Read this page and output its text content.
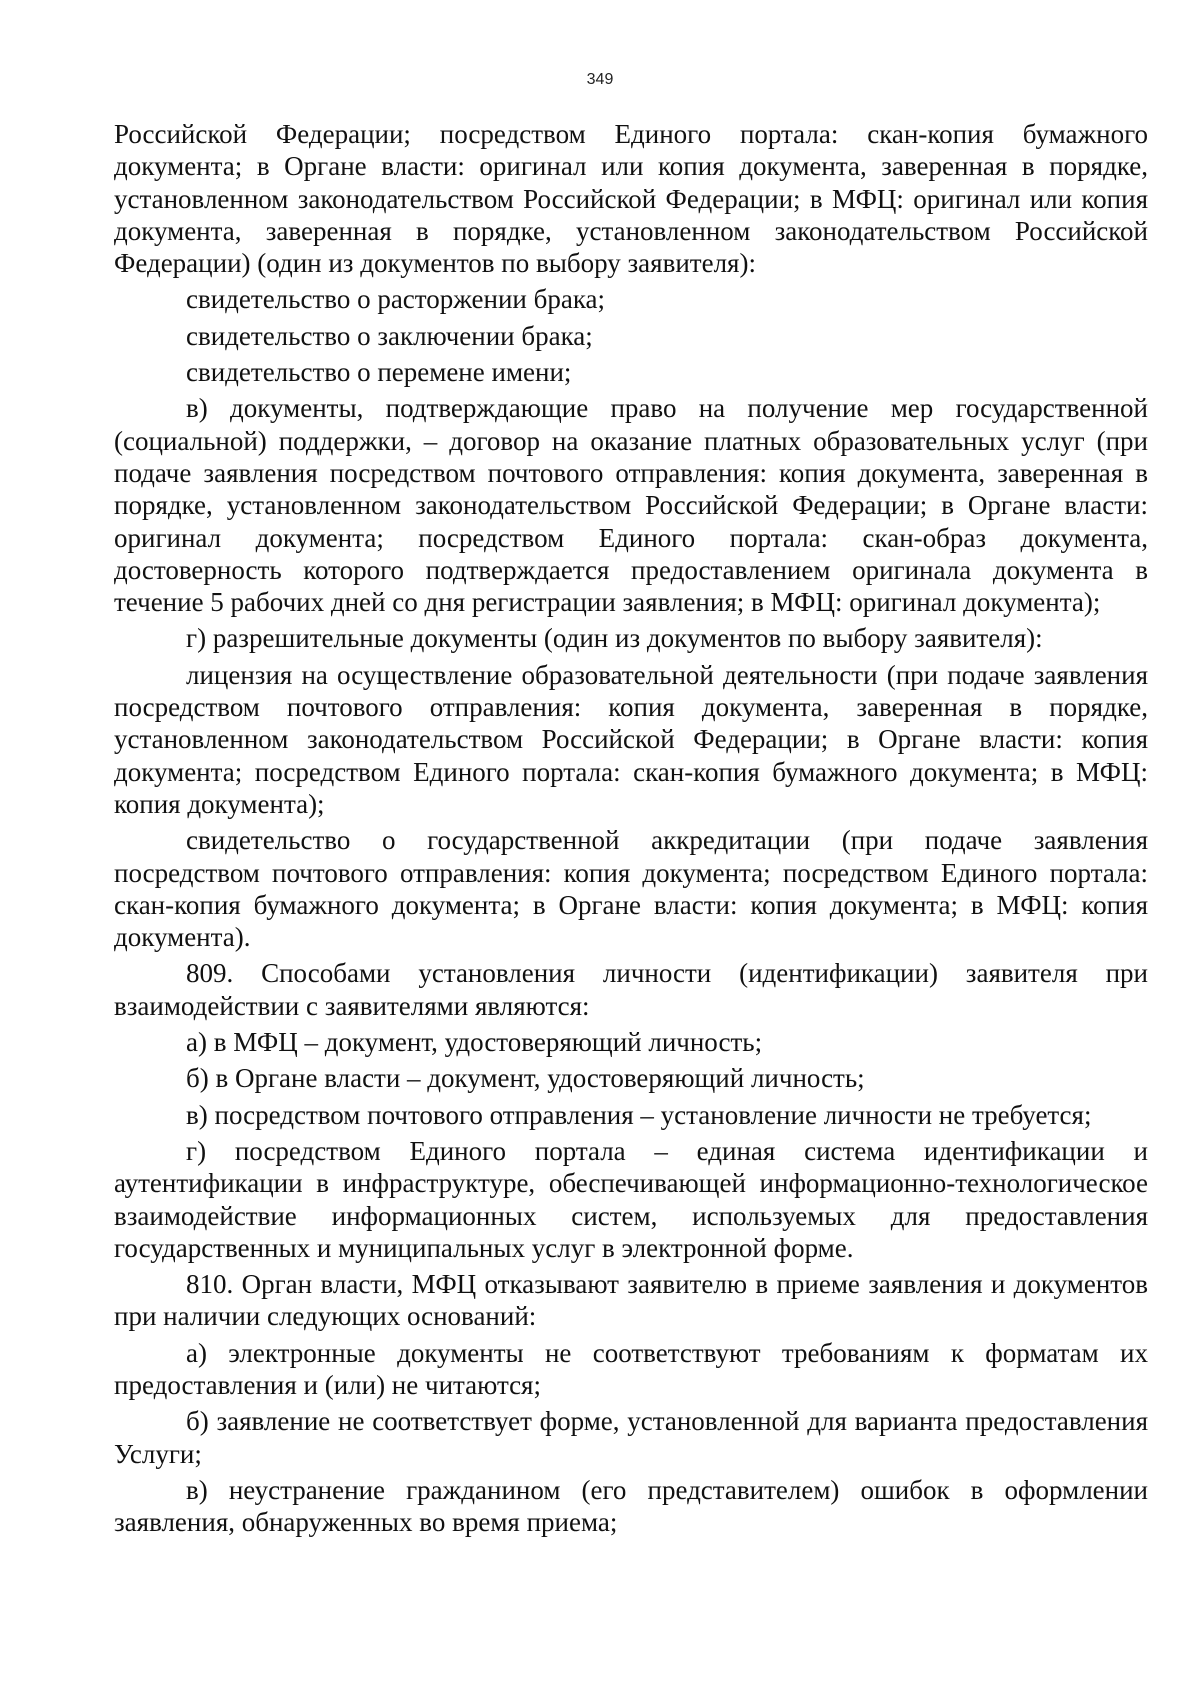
349

Российской Федерации; посредством Единого портала: скан-копия бумажного документа; в Органе власти: оригинал или копия документа, заверенная в порядке, установленном законодательством Российской Федерации; в МФЦ: оригинал или копия документа, заверенная в порядке, установленном законодательством Российской Федерации) (один из документов по выбору заявителя):

свидетельство о расторжении брака;

свидетельство о заключении брака;

свидетельство о перемене имени;

в) документы, подтверждающие право на получение мер государственной (социальной) поддержки, – договор на оказание платных образовательных услуг (при подаче заявления посредством почтового отправления: копия документа, заверенная в порядке, установленном законодательством Российской Федерации; в Органе власти: оригинал документа; посредством Единого портала: скан-образ документа, достоверность которого подтверждается предоставлением оригинала документа в течение 5 рабочих дней со дня регистрации заявления; в МФЦ: оригинал документа);

г) разрешительные документы (один из документов по выбору заявителя):

лицензия на осуществление образовательной деятельности (при подаче заявления посредством почтового отправления: копия документа, заверенная в порядке, установленном законодательством Российской Федерации; в Органе власти: копия документа; посредством Единого портала: скан-копия бумажного документа; в МФЦ: копия документа);

свидетельство о государственной аккредитации (при подаче заявления посредством почтового отправления: копия документа; посредством Единого портала: скан-копия бумажного документа; в Органе власти: копия документа; в МФЦ: копия документа).

809. Способами установления личности (идентификации) заявителя при взаимодействии с заявителями являются:

а) в МФЦ – документ, удостоверяющий личность;

б) в Органе власти – документ, удостоверяющий личность;

в) посредством почтового отправления – установление личности не требуется;

г) посредством Единого портала – единая система идентификации и аутентификации в инфраструктуре, обеспечивающей информационно-технологическое взаимодействие информационных систем, используемых для предоставления государственных и муниципальных услуг в электронной форме.

810. Орган власти, МФЦ отказывают заявителю в приеме заявления и документов при наличии следующих оснований:

а) электронные документы не соответствуют требованиям к форматам их предоставления и (или) не читаются;

б) заявление не соответствует форме, установленной для варианта предоставления Услуги;

в) неустранение гражданином (его представителем) ошибок в оформлении заявления, обнаруженных во время приема;
